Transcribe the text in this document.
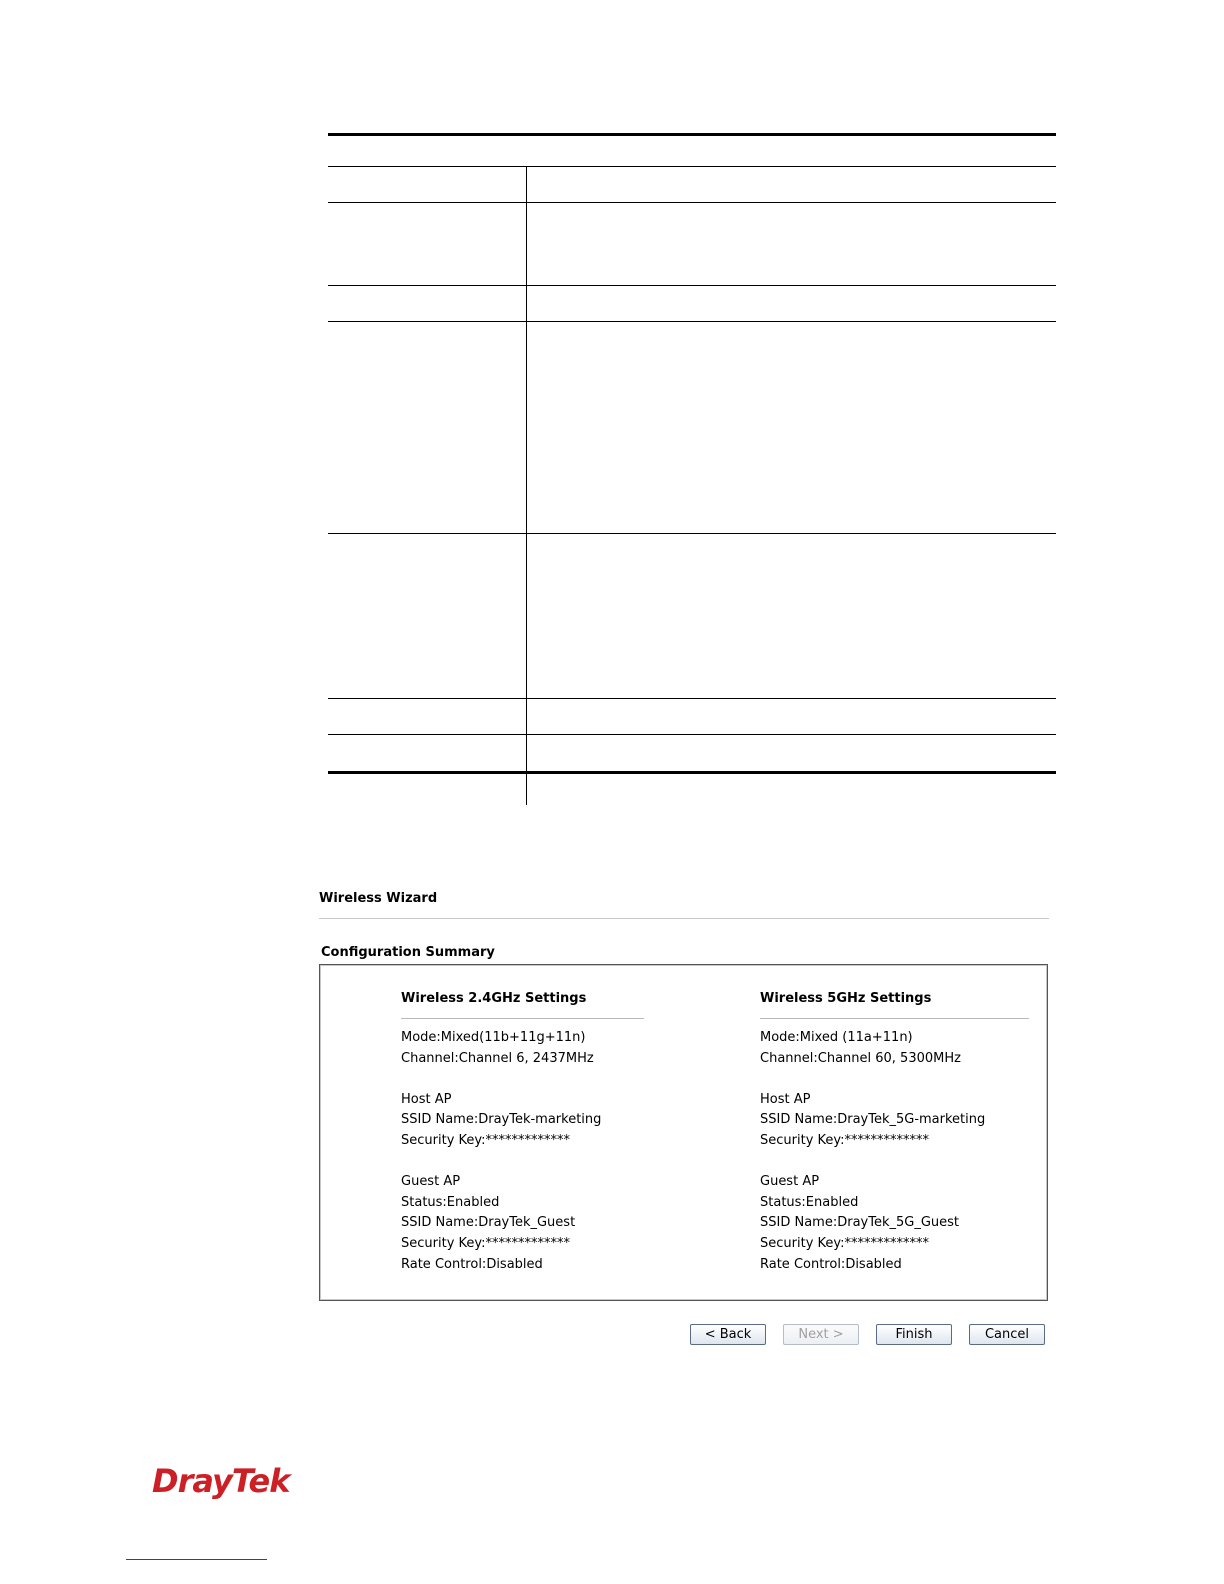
Wireless Wizard
Configuration Summary
Wireless 2.4GHz Settings
Mode:Mixed(11b+11g+11n)
Channel:Channel 6, 2437MHz
Host AP
SSID Name:DrayTek-marketing
Security Key:*************
Guest AP
Status:Enabled
SSID Name:DrayTek_Guest
Security Key:*************
Rate Control:Disabled
Wireless 5GHz Settings
Mode:Mixed (11a+11n)
Channel:Channel 60, 5300MHz
Host AP
SSID Name:DrayTek_5G-marketing
Security Key:*************
Guest AP
Status:Enabled
SSID Name:DrayTek_5G_Guest
Security Key:*************
Rate Control:Disabled
< Back	Next >	Finish	Cancel
DrayTek
